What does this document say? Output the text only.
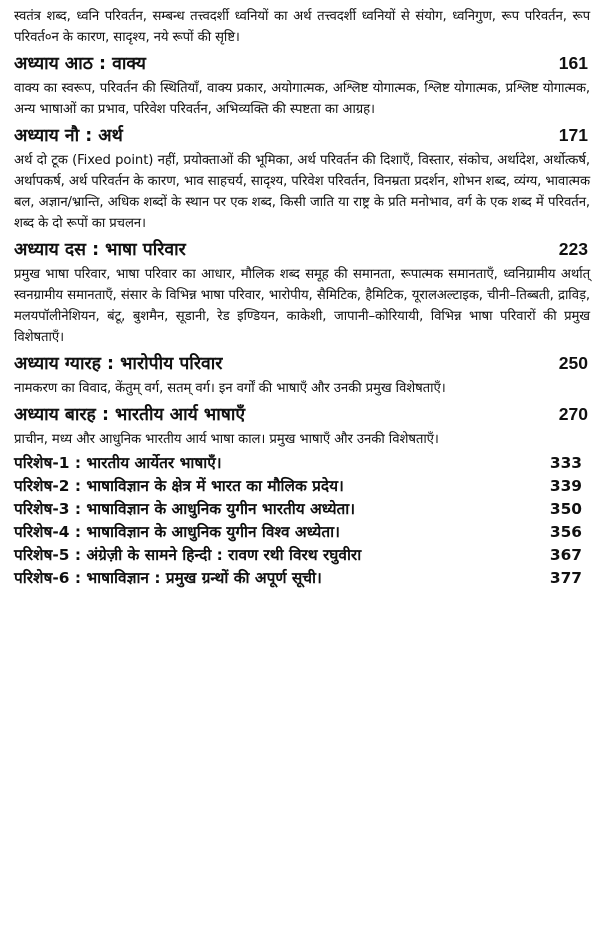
स्वतंत्र शब्द, ध्वनि परिवर्तन, सम्बन्ध तत्त्वदर्शी ध्वनियों का अर्थ तत्त्वदर्शी ध्वनियों से संयोग, ध्वनिगुण, रूप परिवर्तन, रूप परिवर्त०न के कारण, सादृश्य, नये रूपों की सृष्टि।

अध्याय आठ : वाक्य	161

वाक्य का स्वरूप, परिवर्तन की स्थितियाँ, वाक्य प्रकार, अयोगात्मक, अश्लिष्ट योगात्मक, श्लिष्ट योगात्मक, प्रश्लिष्ट योगात्मक, अन्य भाषाओं का प्रभाव, परिवेश परिवर्तन, अभिव्यक्ति की स्पष्टता का आग्रह।

अध्याय नौ : अर्थ	171

अर्थ दो टूक (Fixed point) नहीं, प्रयोक्ताओं की भूमिका, अर्थ परिवर्तन की दिशाएँ, विस्तार, संकोच, अर्थादेश, अर्थोत्कर्ष, अर्थापकर्ष, अर्थ परिवर्तन के कारण, भाव साहचर्य, सादृश्य, परिवेश परिवर्तन, विनम्रता प्रदर्शन, शोभन शब्द, व्यंग्य, भावात्मक बल, अज्ञान/भ्रान्ति, अधिक शब्दों के स्थान पर एक शब्द, किसी जाति या राष्ट्र के प्रति मनोभाव, वर्ग के एक शब्द में परिवर्तन, शब्द के दो रूपों का प्रचलन।

अध्याय दस : भाषा परिवार	223

प्रमुख भाषा परिवार, भाषा परिवार का आधार, मौलिक शब्द समूह की समानता, रूपात्मक समानताएँ, ध्वनिग्रामीय अर्थात् स्वनग्रामीय समानताएँ, संसार के विभिन्न भाषा परिवार, भारोपीय, सैमिटिक, हैमिटिक, यूरालअल्टाइक, चीनी–तिब्बती, द्राविड़, मलयपॉलीनेशियन, बंटू, बुशमैन, सूडानी, रेड इण्डियन, काकेशी, जापानी–कोरियायी, विभिन्न भाषा परिवारों की प्रमुख विशेषताएँ।

अध्याय ग्यारह : भारोपीय परिवार	250

नामकरण का विवाद, केंतुम् वर्ग, सतम् वर्ग। इन वर्गों की भाषाएँ और उनकी प्रमुख विशेषताएँ।

अध्याय बारह : भारतीय आर्य भाषाएँ	270

प्राचीन, मध्य और आधुनिक भारतीय आर्य भाषा काल। प्रमुख भाषाएँ और उनकी विशेषताएँ।

परिशेष-1 : भारतीय आर्येतर भाषाएँ।	333
परिशेष-2 : भाषाविज्ञान के क्षेत्र में भारत का मौलिक प्रदेय।	339
परिशेष-3 : भाषाविज्ञान के आधुनिक युगीन भारतीय अध्येता।	350
परिशेष-4 : भाषाविज्ञान के आधुनिक युगीन विश्व अध्येता।	356
परिशेष-5 : अंग्रेज़ी के सामने हिन्दी : रावण रथी विरथ रघुवीरा	367
परिशेष-6 : भाषाविज्ञान : प्रमुख ग्रन्थों की अपूर्ण सूची।	377
